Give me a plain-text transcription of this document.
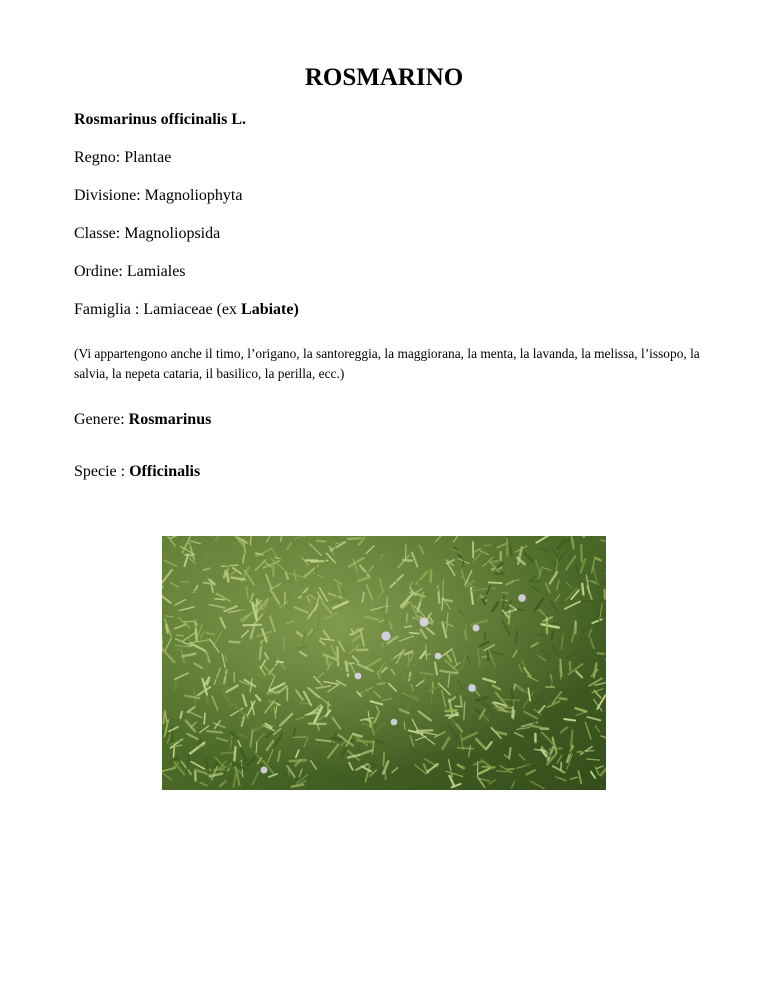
ROSMARINO
Rosmarinus officinalis L.
Regno: Plantae
Divisione: Magnoliophyta
Classe: Magnoliopsida
Ordine: Lamiales
Famiglia : Lamiaceae (ex Labiate)
(Vi appartengono anche il timo, l’origano, la santoreggia, la maggiorana, la menta, la lavanda, la melissa, l’issopo, la salvia, la nepeta cataria, il basilico, la perilla, ecc.)
Genere: Rosmarinus
Specie : Officinalis
